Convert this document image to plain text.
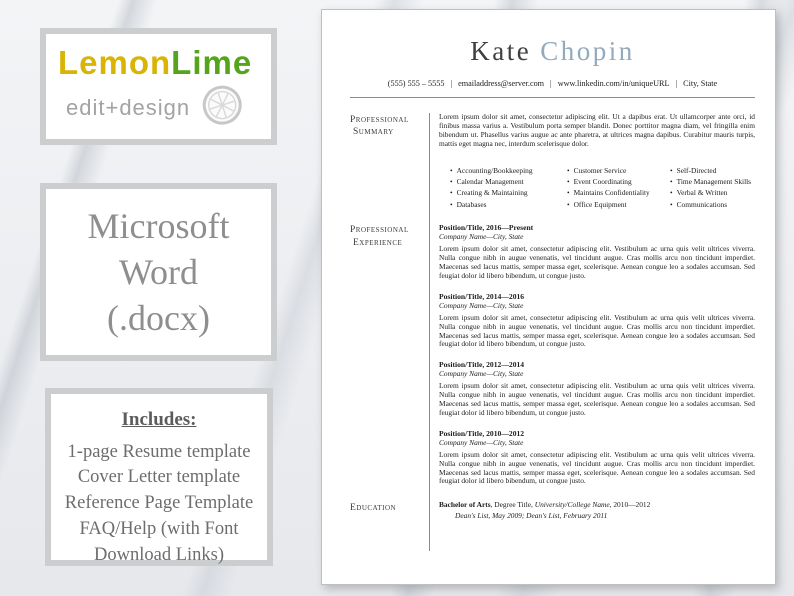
LemonLime
edit+design
Microsoft
Word
(.docx)
Includes:
1-page Resume template
Cover Letter template
Reference Page Template
FAQ/Help (with Font Download Links)
Kate Chopin
(555) 555 – 5555 | emailaddress@server.com | www.linkedin.com/in/uniqueURL | City, State
Professional
Summary
Lorem ipsum dolor sit amet, consectetur adipiscing elit. Ut a dapibus erat. Ut ullamcorper ante orci, id finibus massa varius a. Vestibulum porta semper blandit. Donec porttitor magna diam, vel fringilla enim bibendum ut. Phasellus varius augue ac ante pharetra, at ultrices magna dapibus. Curabitur mauris turpis, mattis eget magna nec, interdum scelerisque dolor.
• Accounting/Bookkeeping
• Calendar Management
• Creating & Maintaining
• Databases
• Customer Service
• Event Coordinating
• Maintains Confidentiality
• Office Equipment
• Self-Directed
• Time Management Skills
• Verbal & Written
• Communications
Professional
Experience
Position/Title, 2016—Present
Company Name—City, State
Lorem ipsum dolor sit amet, consectetur adipiscing elit. Vestibulum ac urna quis velit ultrices viverra. Nulla congue nibh in augue venenatis, vel tincidunt augue. Cras mollis arcu non tincidunt imperdiet. Maecenas sed lacus mattis, semper massa eget, scelerisque. Aenean congue leo a sodales accumsan. Sed feugiat dolor id libero bibendum, ut congue justo.
Position/Title, 2014—2016
Company Name—City, State
Lorem ipsum dolor sit amet, consectetur adipiscing elit. Vestibulum ac urna quis velit ultrices viverra. Nulla congue nibh in augue venenatis, vel tincidunt augue. Cras mollis arcu non tincidunt imperdiet. Maecenas sed lacus mattis, semper massa eget, scelerisque. Aenean congue leo a sodales accumsan. Sed feugiat dolor id libero bibendum, ut congue justo.
Position/Title, 2012—2014
Company Name—City, State
Lorem ipsum dolor sit amet, consectetur adipiscing elit. Vestibulum ac urna quis velit ultrices viverra. Nulla congue nibh in augue venenatis, vel tincidunt augue. Cras mollis arcu non tincidunt imperdiet. Maecenas sed lacus mattis, semper massa eget, scelerisque. Aenean congue leo a sodales accumsan. Sed feugiat dolor id libero bibendum, ut congue justo.
Position/Title, 2010—2012
Company Name—City, State
Lorem ipsum dolor sit amet, consectetur adipiscing elit. Vestibulum ac urna quis velit ultrices viverra. Nulla congue nibh in augue venenatis, vel tincidunt augue. Cras mollis arcu non tincidunt imperdiet. Maecenas sed lacus mattis, semper massa eget, scelerisque. Aenean congue leo a sodales accumsan. Sed feugiat dolor id libero bibendum, ut congue justo.
Education	Bachelor of Arts, Degree Title, University/College Name, 2010—2012
Dean's List, May 2009; Dean's List, February 2011
